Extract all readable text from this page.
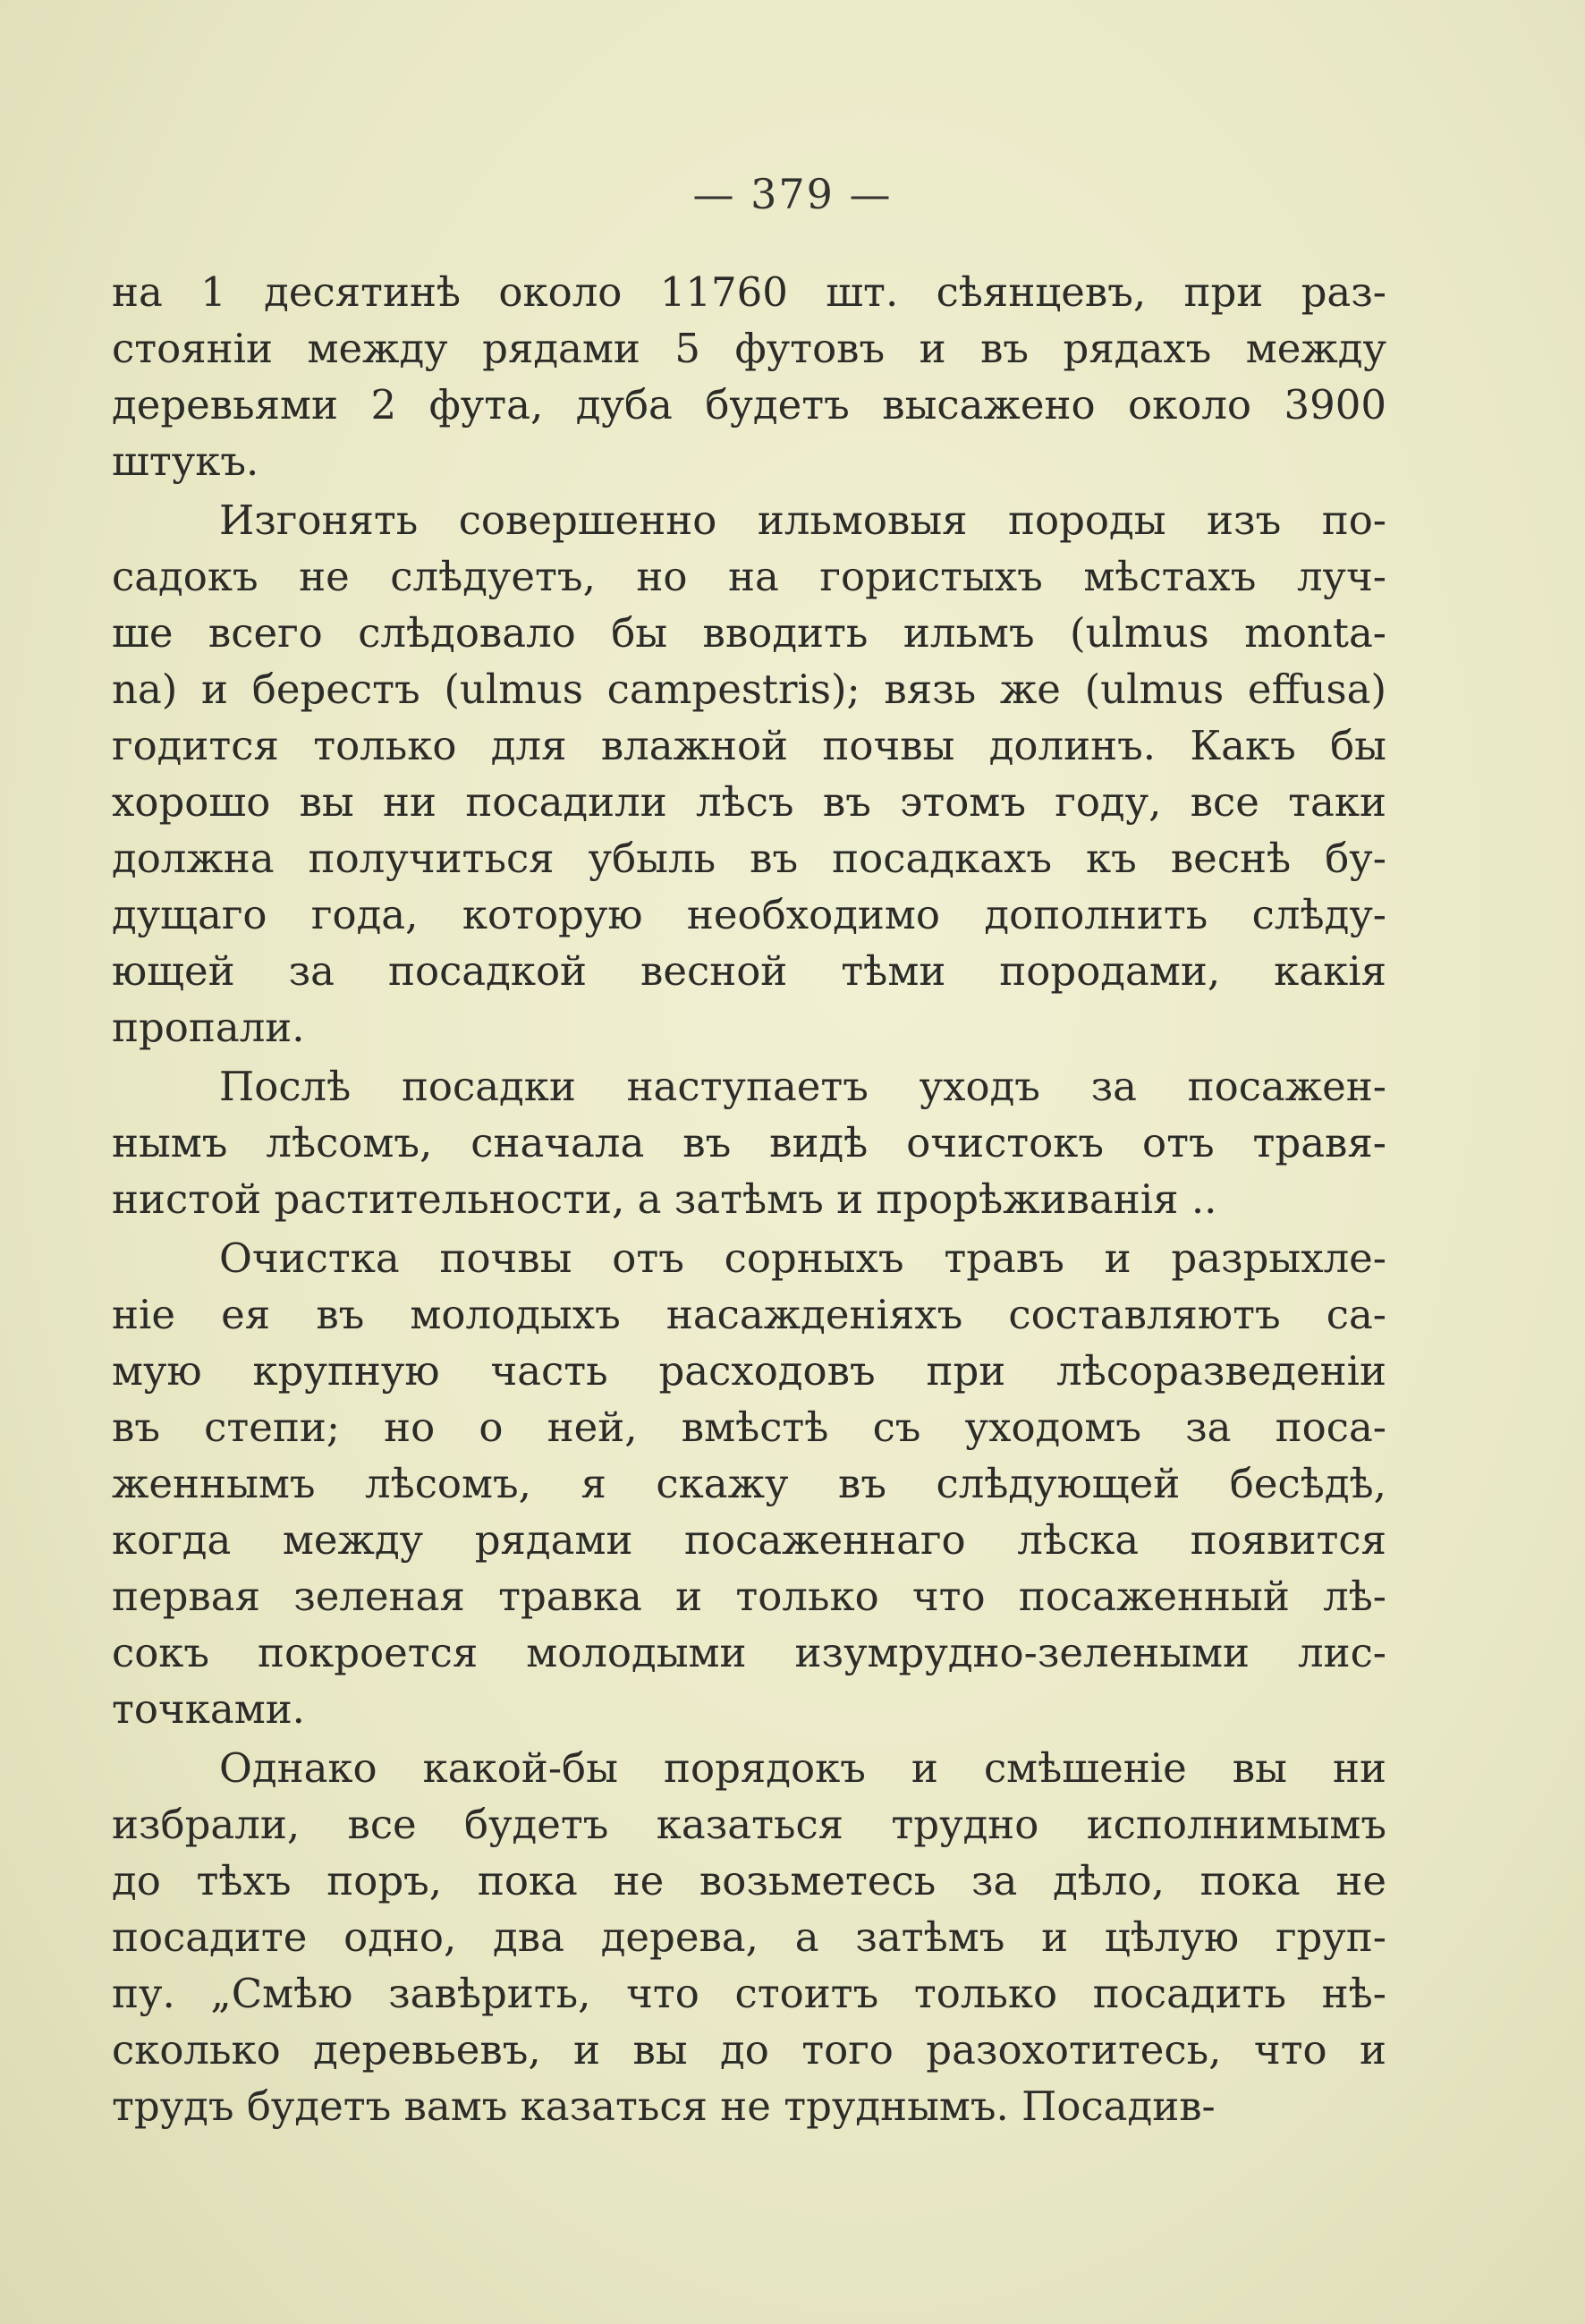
— 379 —
на 1 десятинѣ около 11760 шт. сѣянцевъ, при раз-
стояніи между рядами 5 футовъ и въ рядахъ между
деревьями 2 фута, дуба будетъ высажено около 3900
штукъ.
Изгонять совершенно ильмовыя породы изъ по-
садокъ не слѣдуетъ, но на гористыхъ мѣстахъ луч-
ше всего слѣдовало бы вводить ильмъ (ulmus monta-
na) и берестъ (ulmus campestris); вязь же (ulmus effusa)
годится только для влажной почвы долинъ. Какъ бы
хорошо вы ни посадили лѣсъ въ этомъ году, все таки
должна получиться убыль въ посадкахъ къ веснѣ бу-
дущаго года, которую необходимо дополнить слѣду-
ющей за посадкой весной тѣми породами, какія
пропали.
Послѣ посадки наступаетъ уходъ за посажен-
нымъ лѣсомъ, сначала въ видѣ очистокъ отъ травя-
нистой растительности, а затѣмъ и прорѣживанія ..
Очистка почвы отъ сорныхъ травъ и разрыхле-
ніе ея въ молодыхъ насажденіяхъ составляютъ са-
мую крупную часть расходовъ при лѣсоразведеніи
въ степи; но о ней, вмѣстѣ съ уходомъ за поса-
женнымъ лѣсомъ, я скажу въ слѣдующей бесѣдѣ,
когда между рядами посаженнаго лѣска появится
первая зеленая травка и только что посаженный лѣ-
сокъ покроется молодыми изумрудно-зелеными лис-
точками.
Однако какой-бы порядокъ и смѣшеніе вы ни
избрали, все будетъ казаться трудно исполнимымъ
до тѣхъ поръ, пока не возьметесь за дѣло, пока не
посадите одно, два дерева, а затѣмъ и цѣлую груп-
пу. „Смѣю завѣрить, что стоитъ только посадить нѣ-
сколько деревьевъ, и вы до того разохотитесь, что и
трудъ будетъ вамъ казаться не труднымъ. Посадив-
